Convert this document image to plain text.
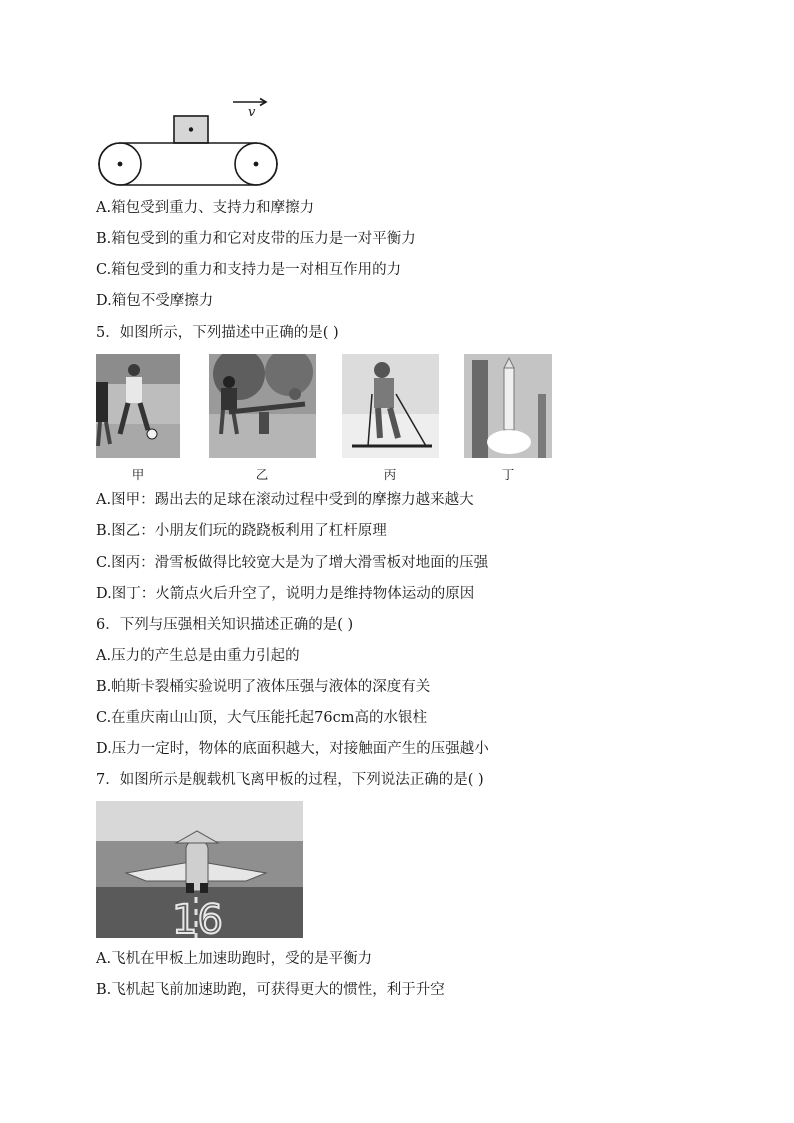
v
A.箱包受到重力、支持力和摩擦力
B.箱包受到的重力和它对皮带的压力是一对平衡力
C.箱包受到的重力和支持力是一对相互作用的力
D.箱包不受摩擦力
5．如图所示，下列描述中正确的是( )
甲	乙	丙	丁
A.图甲：踢出去的足球在滚动过程中受到的摩擦力越来越大
B.图乙：小朋友们玩的跷跷板利用了杠杆原理
C.图丙：滑雪板做得比较宽大是为了增大滑雪板对地面的压强
D.图丁：火箭点火后升空了，说明力是维持物体运动的原因
6．下列与压强相关知识描述正确的是( )
A.压力的产生总是由重力引起的
B.帕斯卡裂桶实验说明了液体压强与液体的深度有关
C.在重庆南山山顶，大气压能托起76cm高的水银柱
D.压力一定时，物体的底面积越大，对接触面产生的压强越小
7．如图所示是舰载机飞离甲板的过程，下列说法正确的是( )
16
A.飞机在甲板上加速助跑时，受的是平衡力
B.飞机起飞前加速助跑，可获得更大的惯性，利于升空
